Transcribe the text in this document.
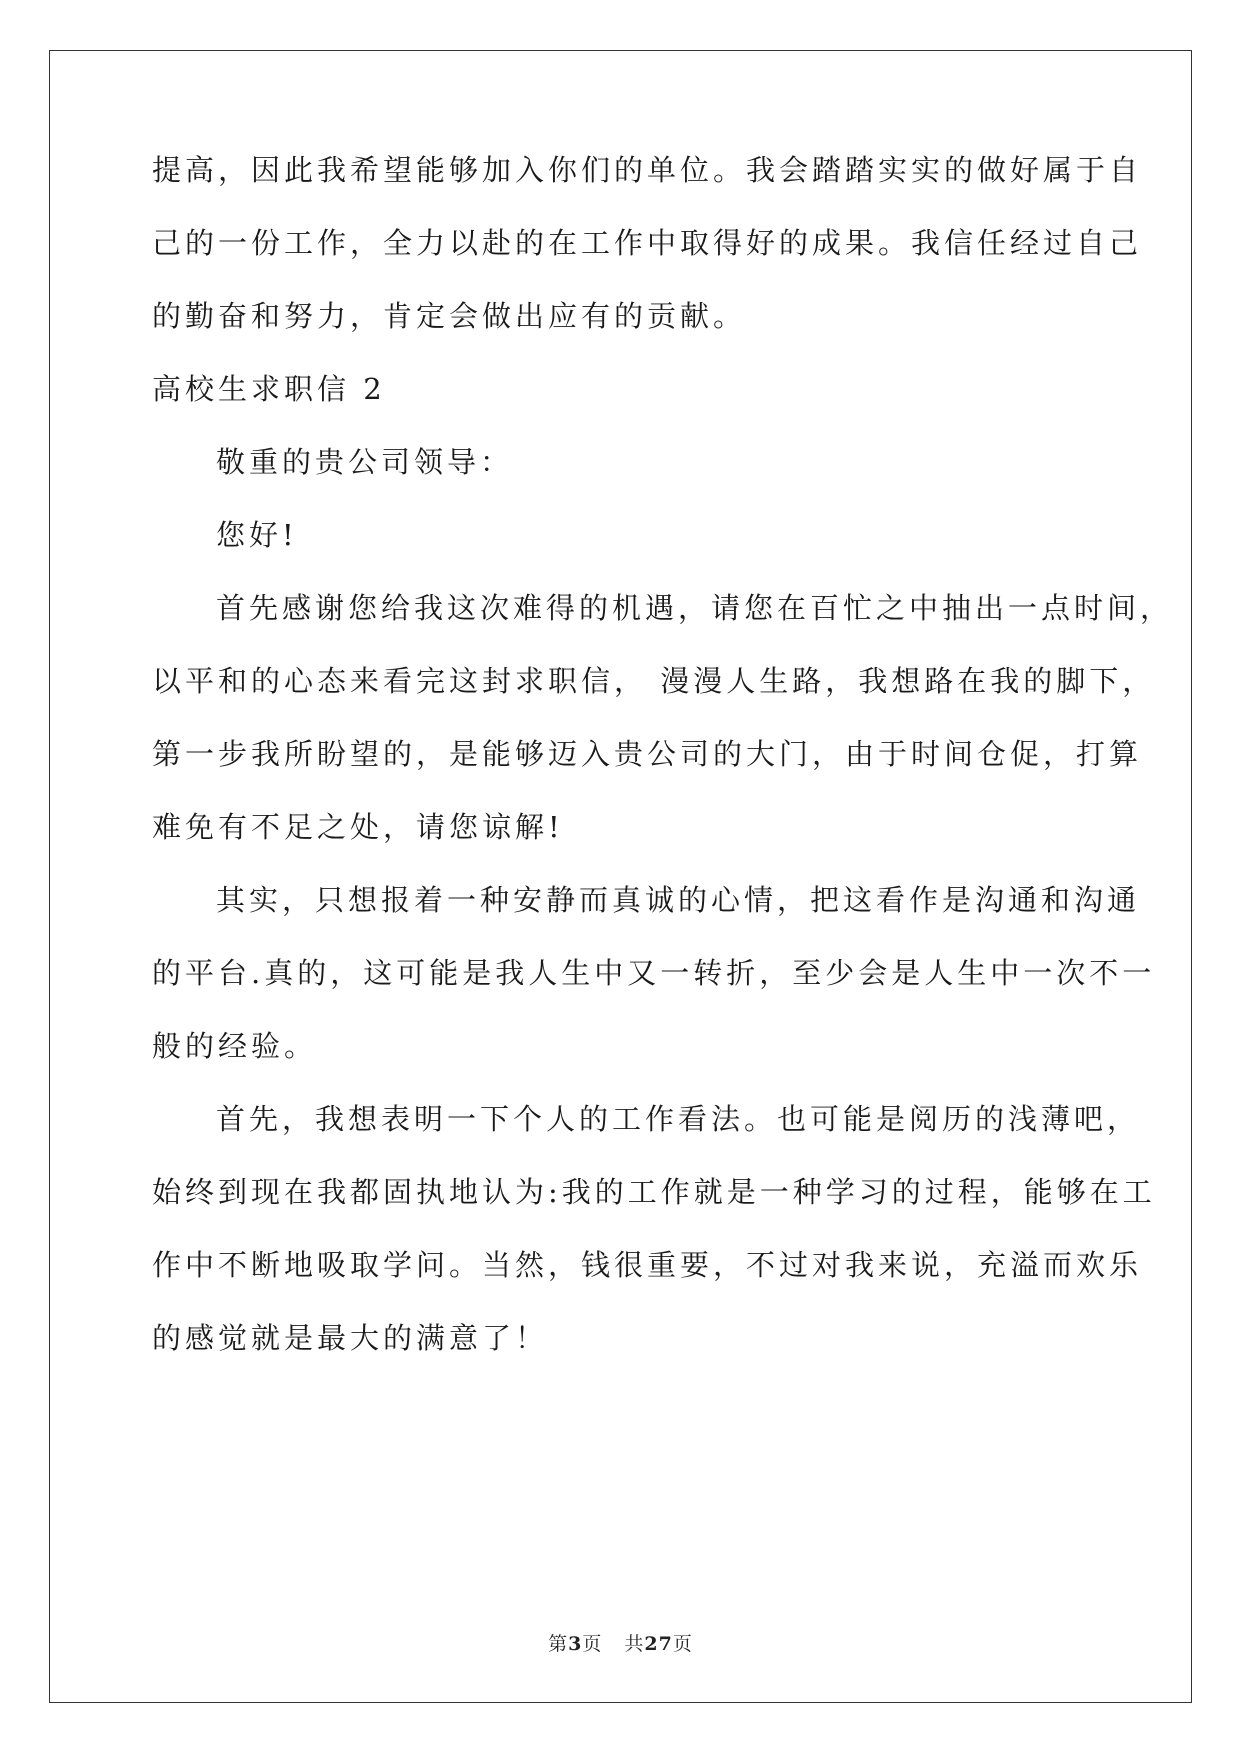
提高，因此我希望能够加入你们的单位。我会踏踏实实的做好属于自
己的一份工作，全力以赴的在工作中取得好的成果。我信任经过自己
的勤奋和努力，肯定会做出应有的贡献。
高校生求职信 2
敬重的贵公司领导：
您好!
首先感谢您给我这次难得的机遇，请您在百忙之中抽出一点时间，
以平和的心态来看完这封求职信， 漫漫人生路，我想路在我的脚下，
第一步我所盼望的，是能够迈入贵公司的大门，由于时间仓促，打算
难免有不足之处，请您谅解!
其实，只想报着一种安静而真诚的心情，把这看作是沟通和沟通
的平台.真的，这可能是我人生中又一转折，至少会是人生中一次不一
般的经验。
首先，我想表明一下个人的工作看法。也可能是阅历的浅薄吧，
始终到现在我都固执地认为:我的工作就是一种学习的过程，能够在工
作中不断地吸取学问。当然，钱很重要，不过对我来说，充溢而欢乐
的感觉就是最大的满意了！
第3页 共27页
